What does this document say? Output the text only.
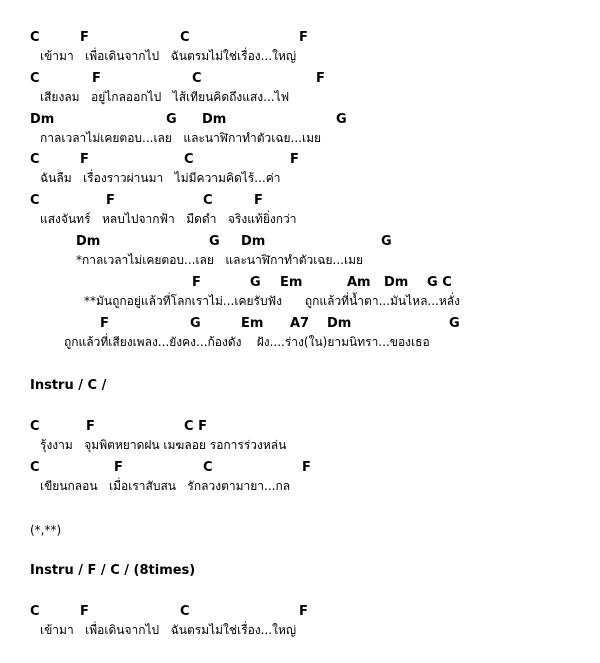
C	F	C	F
เข้ามา   เพื่อเดินจากไป   ฉันตรมไม่ใช่เรื่อง...ใหญ่
C	F	C	F
เสียงลม   อยู่ไกลออกไป   ไส้เทียนคิดถึงแสง...ไฟ
Dm	G Dm	G
กาลเวลาไม่เคยตอบ...เลย   และนาฬิกาทำตัวเฉย...เมย
C	F	C	F
ฉันลืม   เรื่องราวผ่านมา   ไม่มีความคิดไร้...ค่า
C	F	C	F
แสงจันทร์   หลบไปจากฟ้า   มืดดำ   จริงแท้ยิ่งกว่า
Dm	G Dm	G
*กาลเวลาไม่เคยตอบ...เลย   และนาฬิกาทำตัวเฉย...เมย
F	G Em	Am Dm G C
**มันถูกอยู่แล้วที่โลกเราไม่...เคยรับฟัง      ถูกแล้วที่น้ำตา...มันไหล...หลั่ง
F	G	Em A7 Dm	G
ถูกแล้วที่เสียงเพลง...ยังคง...ก้องดัง    ฝัง....ร่าง(ใน)ยามนิทรา...ของเธอ
Instru / C /
C	F	C F
รุ้งงาม   จุมพิตหยาดฝน เมฆลอย รอการร่วงหล่น
C	F	C	F
เขียนกลอน   เมื่อเราสับสน   รักลวงตามายา...กล
(*,**)
Instru / F / C / (8times)
C	F	C	F
เข้ามา   เพื่อเดินจากไป   ฉันตรมไม่ใช่เรื่อง...ใหญ่
